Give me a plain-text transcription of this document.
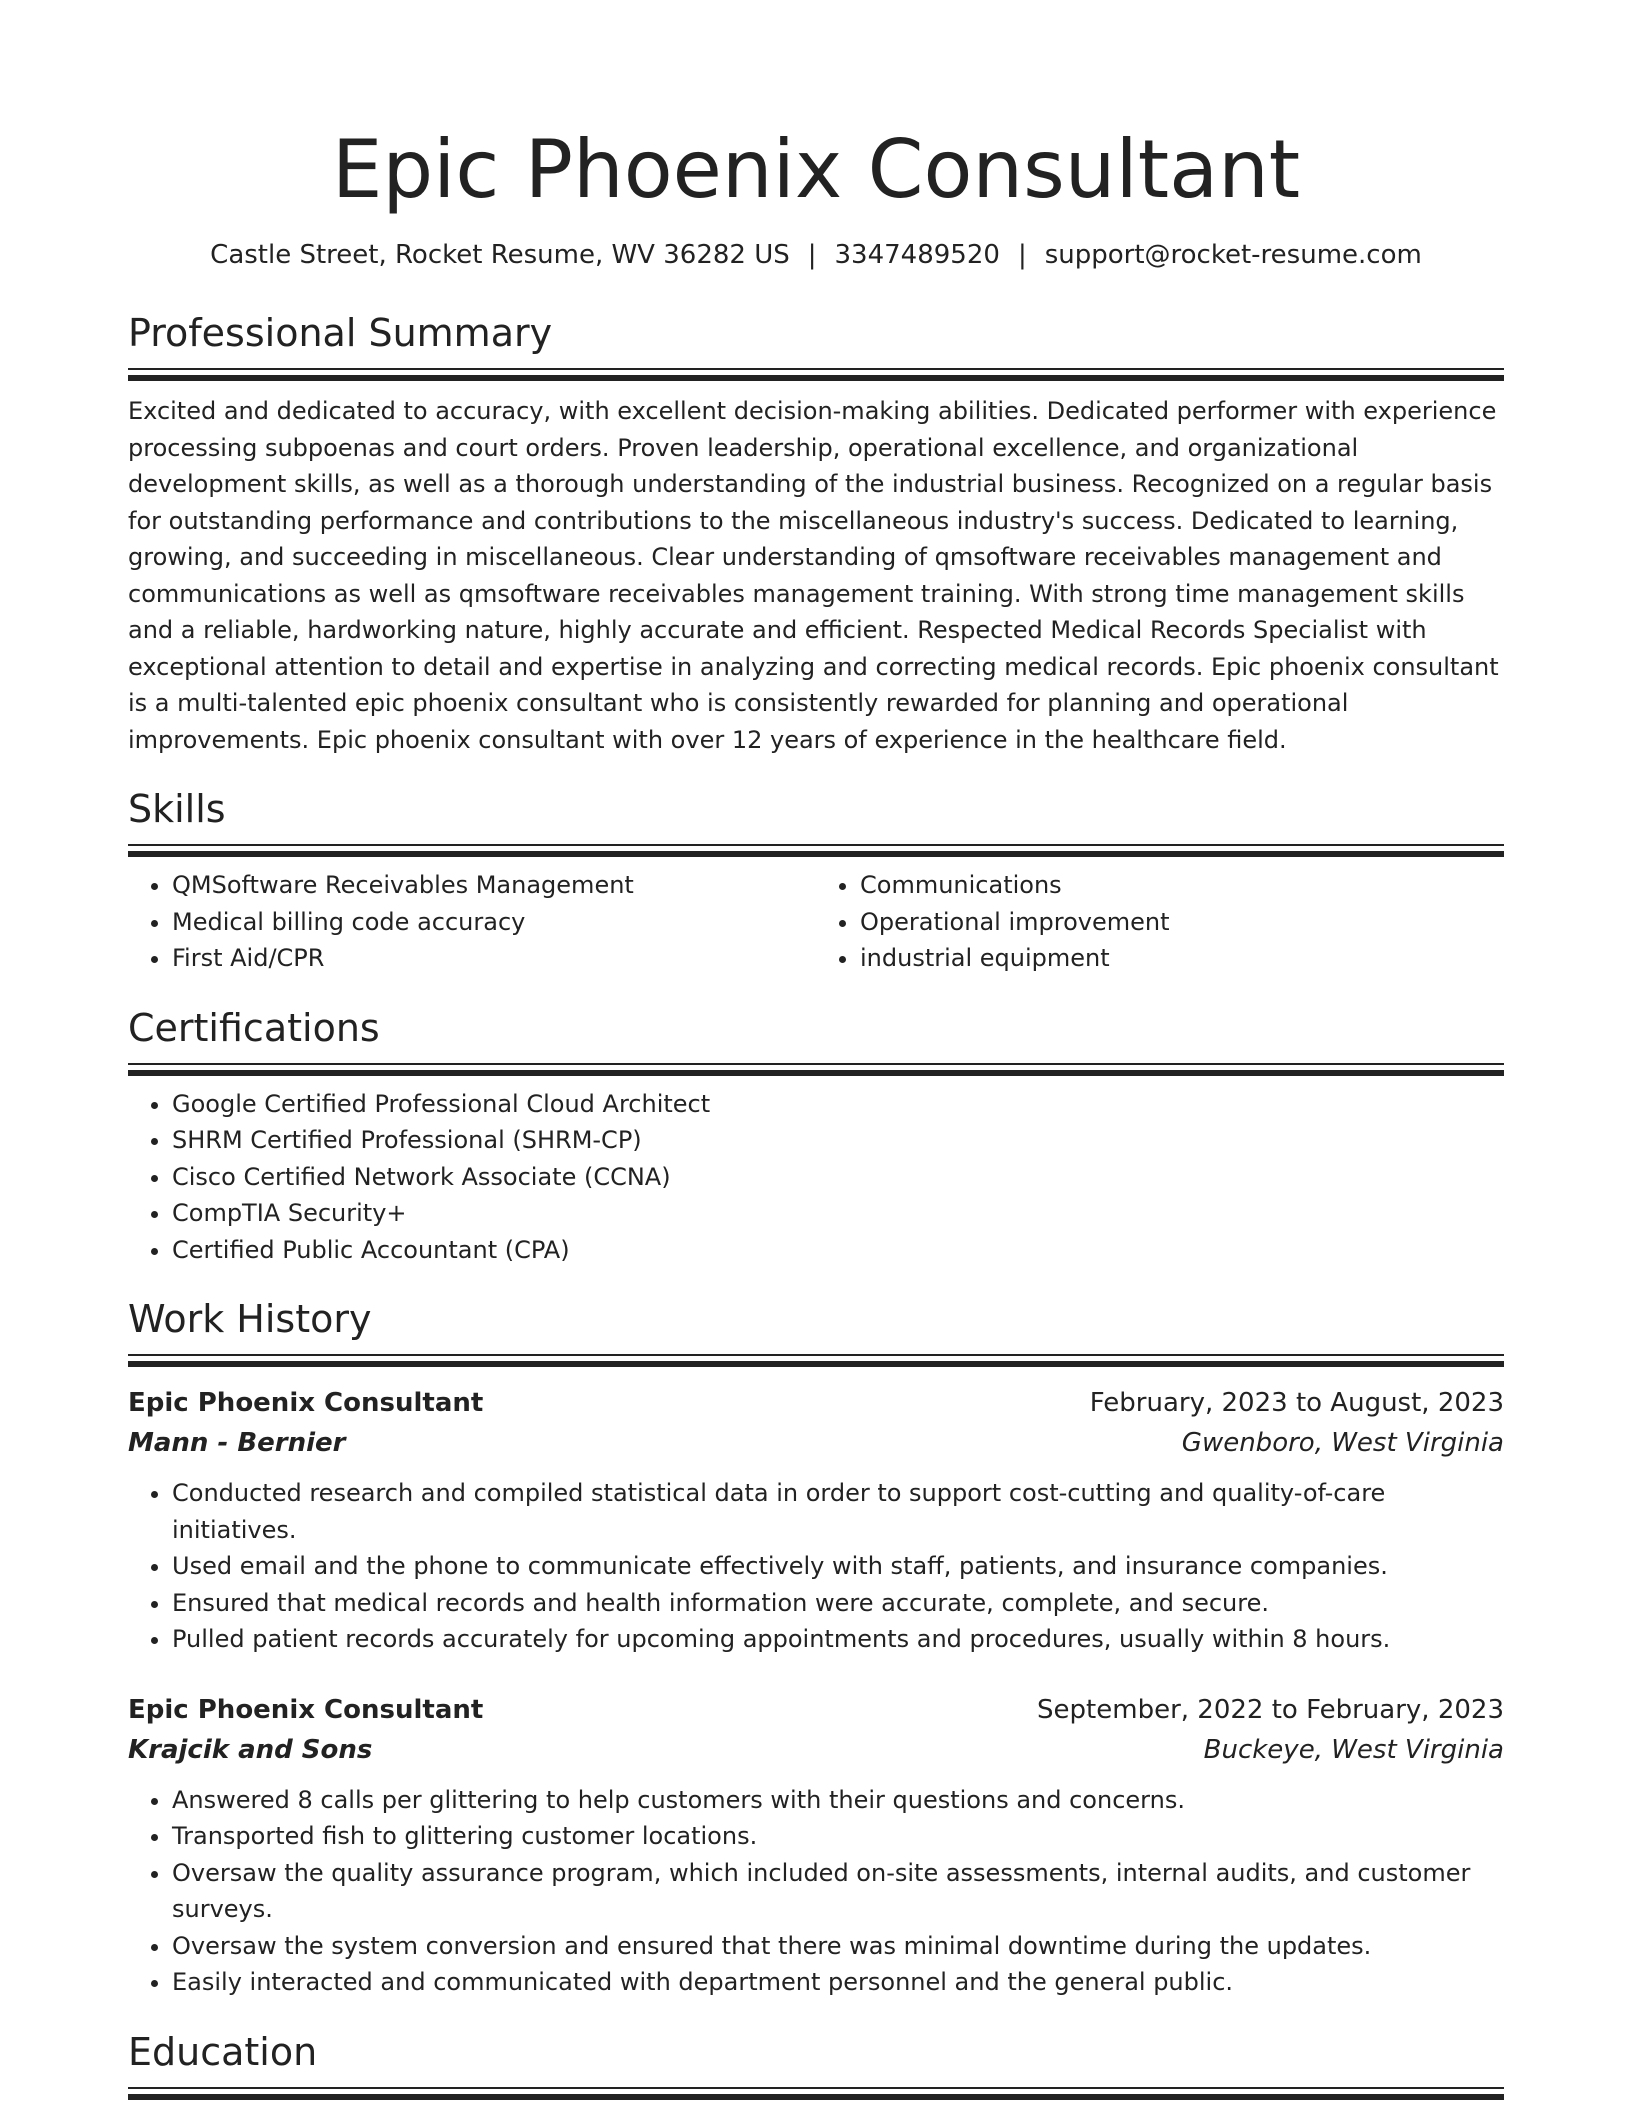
Epic Phoenix Consultant
Castle Street, Rocket Resume, WV 36282 US | 3347489520 | support@rocket-resume.com
Professional Summary
Excited and dedicated to accuracy, with excellent decision-making abilities. Dedicated performer with experience processing subpoenas and court orders. Proven leadership, operational excellence, and organizational development skills, as well as a thorough understanding of the industrial business. Recognized on a regular basis for outstanding performance and contributions to the miscellaneous industry's success. Dedicated to learning, growing, and succeeding in miscellaneous. Clear understanding of qmsoftware receivables management and communications as well as qmsoftware receivables management training. With strong time management skills and a reliable, hardworking nature, highly accurate and efficient. Respected Medical Records Specialist with exceptional attention to detail and expertise in analyzing and correcting medical records. Epic phoenix consultant is a multi-talented epic phoenix consultant who is consistently rewarded for planning and operational improvements. Epic phoenix consultant with over 12 years of experience in the healthcare field.
Skills
• QMSoftware Receivables Management
• Medical billing code accuracy
• First Aid/CPR
• Communications
• Operational improvement
• industrial equipment
Certifications
• Google Certified Professional Cloud Architect
• SHRM Certified Professional (SHRM-CP)
• Cisco Certified Network Associate (CCNA)
• CompTIA Security+
• Certified Public Accountant (CPA)
Work History
Epic Phoenix Consultant	February, 2023 to August, 2023
Mann - Bernier	Gwenboro, West Virginia
• Conducted research and compiled statistical data in order to support cost-cutting and quality-of-care initiatives.
• Used email and the phone to communicate effectively with staff, patients, and insurance companies.
• Ensured that medical records and health information were accurate, complete, and secure.
• Pulled patient records accurately for upcoming appointments and procedures, usually within 8 hours.
Epic Phoenix Consultant	September, 2022 to February, 2023
Krajcik and Sons	Buckeye, West Virginia
• Answered 8 calls per glittering to help customers with their questions and concerns.
• Transported fish to glittering customer locations.
• Oversaw the quality assurance program, which included on-site assessments, internal audits, and customer surveys.
• Oversaw the system conversion and ensured that there was minimal downtime during the updates.
• Easily interacted and communicated with department personnel and the general public.
Education
